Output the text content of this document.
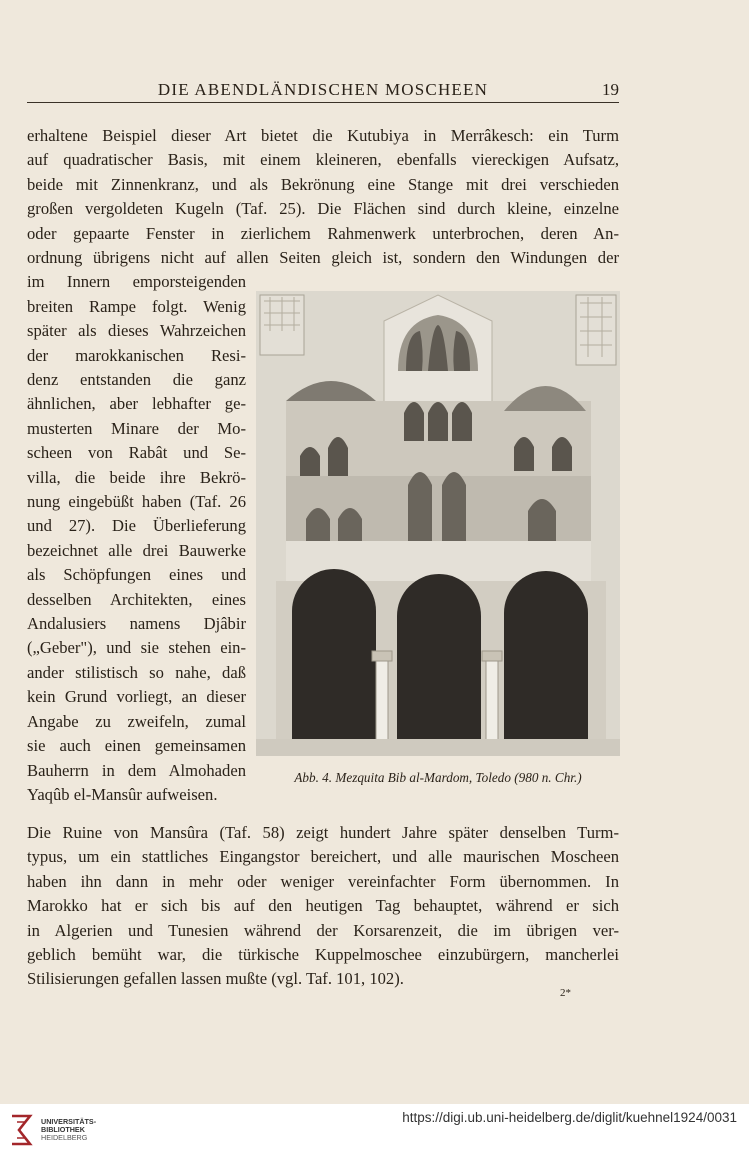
DIE ABENDLÄNDISCHEN MOSCHEEN	19
erhaltene Beispiel dieser Art bietet die Kutubiya in Merrâkesch: ein Turm
auf quadratischer Basis, mit einem kleineren, ebenfalls viereckigen Aufsatz,
beide mit Zinnenkranz, und als Bekrönung eine Stange mit drei verschieden
großen vergoldeten Kugeln (Taf. 25). Die Flächen sind durch kleine, einzelne
oder gepaarte Fenster in zierlichem Rahmenwerk unterbrochen, deren An-
ordnung übrigens nicht auf allen Seiten gleich ist, sondern den Windungen der
im Innern emporsteigenden
breiten Rampe folgt. Wenig
später als dieses Wahrzeichen
der marokkanischen Resi-
denz entstanden die ganz
ähnlichen, aber lebhafter ge-
musterten Minare der Mo-
scheen von Rabât und Se-
villa, die beide ihre Bekrö-
nung eingebüßt haben (Taf. 26
und 27). Die Überlieferung
bezeichnet alle drei Bauwerke
als Schöpfungen eines und
desselben Architekten, eines
Andalusiers namens Djâbir
(„Geber"), und sie stehen ein-
ander stilistisch so nahe, daß
kein Grund vorliegt, an dieser
Angabe zu zweifeln, zumal
sie auch einen gemeinsamen
Bauherrn in dem Almohaden
Yaqûb el-Mansûr aufweisen.
Abb. 4. Mezquita Bib al-Mardom, Toledo (980 n. Chr.)
Die Ruine von Mansûra (Taf. 58) zeigt hundert Jahre später denselben Turm-
typus, um ein stattliches Eingangstor bereichert, und alle maurischen Moscheen
haben ihn dann in mehr oder weniger vereinfachter Form übernommen. In
Marokko hat er sich bis auf den heutigen Tag behauptet, während er sich
in Algerien und Tunesien während der Korsarenzeit, die im übrigen ver-
geblich bemüht war, die türkische Kuppelmoschee einzubürgern, mancherlei
Stilisierungen gefallen lassen mußte (vgl. Taf. 101, 102).
2*
UNIVERSITÄTS-
BIBLIOTHEK
HEIDELBERG
https://digi.ub.uni-heidelberg.de/diglit/kuehnel1924/0031
